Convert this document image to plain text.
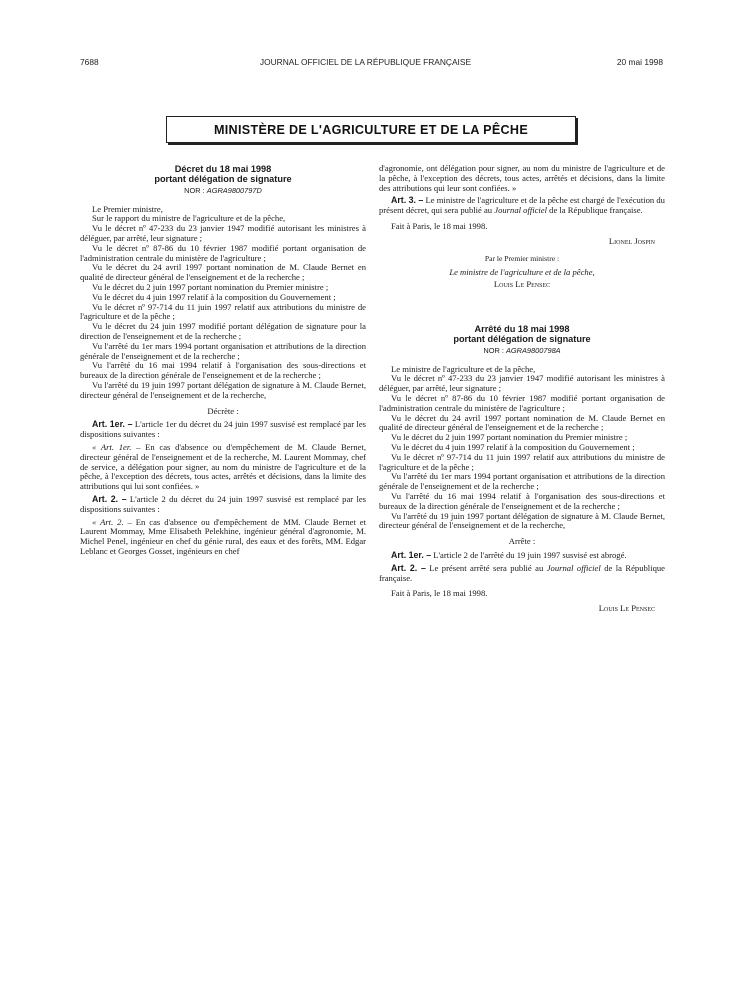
7688	JOURNAL OFFICIEL DE LA RÉPUBLIQUE FRANÇAISE	20 mai 1998
MINISTÈRE DE L'AGRICULTURE ET DE LA PÊCHE

Décret du 18 mai 1998

portant délégation de signature

NOR : AGRA9800797D

Le Premier ministre,

Sur le rapport du ministre de l'agriculture et de la pêche,

Vu le décret nº 47-233 du 23 janvier 1947 modifié autorisant les ministres à déléguer, par arrêté, leur signature ;

Vu le décret nº 87-86 du 10 février 1987 modifié portant organisation de l'administration centrale du ministère de l'agriculture ;

Vu le décret du 24 avril 1997 portant nomination de M. Claude Bernet en qualité de directeur général de l'enseignement et de la recherche ;

Vu le décret du 2 juin 1997 portant nomination du Premier ministre ;

Vu le décret du 4 juin 1997 relatif à la composition du Gouvernement ;

Vu le décret nº 97-714 du 11 juin 1997 relatif aux attributions du ministre de l'agriculture et de la pêche ;

Vu le décret du 24 juin 1997 modifié portant délégation de signature pour la direction de l'enseignement et de la recherche ;

Vu l'arrêté du 1er mars 1994 portant organisation et attributions de la direction générale de l'enseignement et de la recherche ;

Vu l'arrêté du 16 mai 1994 relatif à l'organisation des sous-directions et bureaux de la direction générale de l'enseignement et de la recherche ;

Vu l'arrêté du 19 juin 1997 portant délégation de signature à M. Claude Bernet, directeur général de l'enseignement et de la recherche,

Décrète :

Art. 1er. – L'article 1er du décret du 24 juin 1997 susvisé est remplacé par les dispositions suivantes :

« Art. 1er. – En cas d'absence ou d'empêchement de M. Claude Bernet, directeur général de l'enseignement et de la recherche, M. Laurent Mommay, chef de service, a délégation pour signer, au nom du ministre de l'agriculture et de la pêche, à l'exception des décrets, tous actes, arrêtés et décisions, dans la limite des attributions qui lui sont confiées. »

Art. 2. – L'article 2 du décret du 24 juin 1997 susvisé est remplacé par les dispositions suivantes :

« Art. 2. – En cas d'absence ou d'empêchement de MM. Claude Bernet et Laurent Mommay, Mme Elisabeth Pelekhine, ingénieur général d'agronomie, M. Michel Penel, ingénieur en chef du génie rural, des eaux et des forêts, MM. Edgar Leblanc et Georges Gosset, ingénieurs en chef

d'agronomie, ont délégation pour signer, au nom du ministre de l'agriculture et de la pêche, à l'exception des décrets, tous actes, arrêtés et décisions, dans la limite des attributions qui leur sont confiées. »

Art. 3. – Le ministre de l'agriculture et de la pêche est chargé de l'exécution du présent décret, qui sera publié au Journal officiel de la République française.

Fait à Paris, le 18 mai 1998.

Lionel Jospin

Par le Premier ministre :

Le ministre de l'agriculture et de la pêche,

Louis Le Pensec

Arrêté du 18 mai 1998

portant délégation de signature

NOR : AGRA9800798A

Le ministre de l'agriculture et de la pêche,

Vu le décret nº 47-233 du 23 janvier 1947 modifié autorisant les ministres à déléguer, par arrêté, leur signature ;

Vu le décret nº 87-86 du 10 février 1987 modifié portant organisation de l'administration centrale du ministère de l'agriculture ;

Vu le décret du 24 avril 1997 portant nomination de M. Claude Bernet en qualité de directeur général de l'enseignement et de la recherche ;

Vu le décret du 2 juin 1997 portant nomination du Premier ministre ;

Vu le décret du 4 juin 1997 relatif à la composition du Gouvernement ;

Vu le décret nº 97-714 du 11 juin 1997 relatif aux attributions du ministre de l'agriculture et de la pêche ;

Vu l'arrêté du 1er mars 1994 portant organisation et attributions de la direction générale de l'enseignement et de la recherche ;

Vu l'arrêté du 16 mai 1994 relatif à l'organisation des sous-directions et bureaux de la direction générale de l'enseignement et de la recherche ;

Vu l'arrêté du 19 juin 1997 portant délégation de signature à M. Claude Bernet, directeur général de l'enseignement et de la recherche,

Arrête :

Art. 1er. – L'article 2 de l'arrêté du 19 juin 1997 susvisé est abrogé.

Art. 2. – Le présent arrêté sera publié au Journal officiel de la République française.

Fait à Paris, le 18 mai 1998.

Louis Le Pensec
